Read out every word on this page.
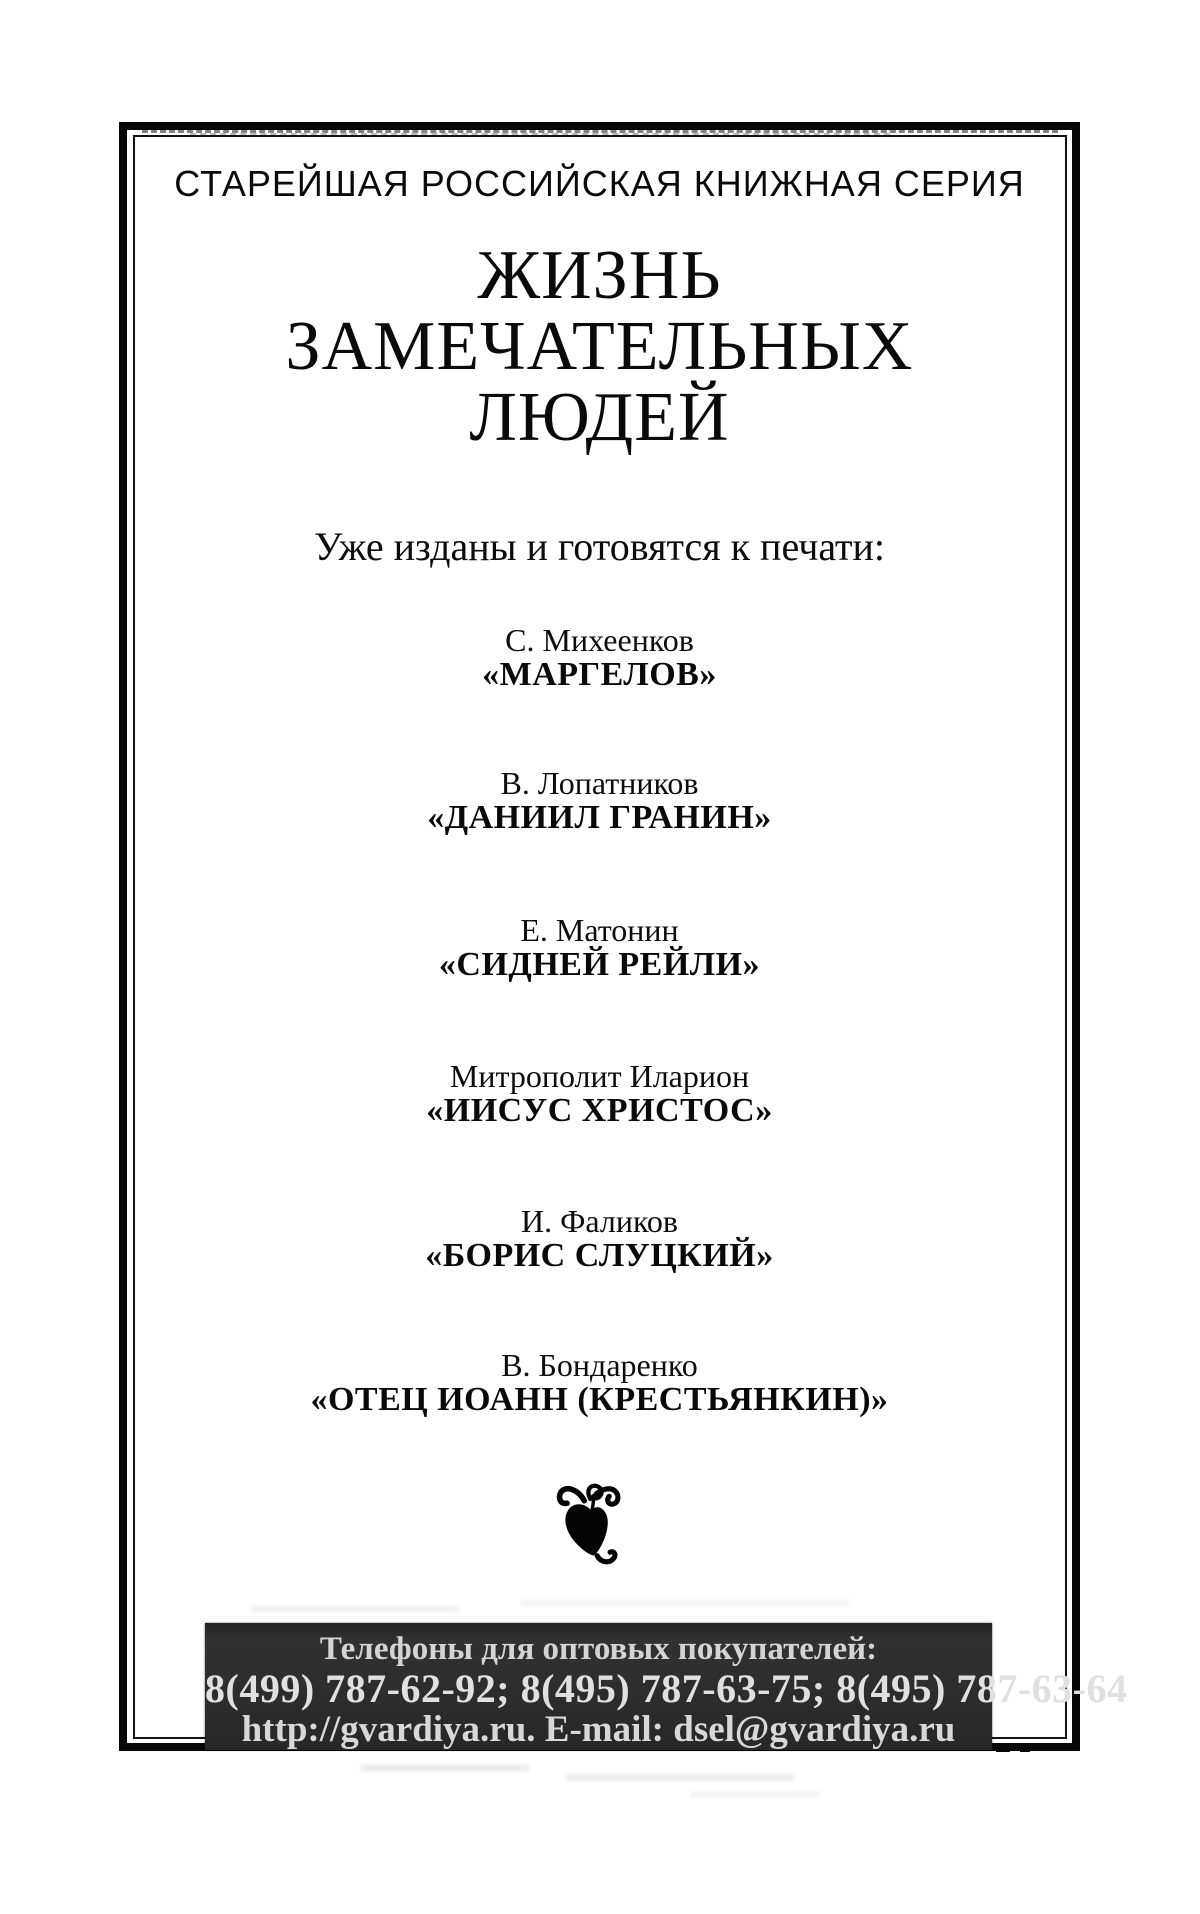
СТАРЕЙШАЯ РОССИЙСКАЯ КНИЖНАЯ СЕРИЯ
ЖИЗНЬ
ЗАМЕЧАТЕЛЬНЫХ
ЛЮДЕЙ
Уже изданы и готовятся к печати:
С. Михеенков
«МАРГЕЛОВ»
В. Лопатников
«ДАНИИЛ ГРАНИН»
Е. Матонин
«СИДНЕЙ РЕЙЛИ»
Митрополит Иларион
«ИИСУС ХРИСТОС»
И. Фаликов
«БОРИС СЛУЦКИЙ»
В. Бондаренко
«ОТЕЦ ИОАНН (КРЕСТЬЯНКИН)»
Телефоны для оптовых покупателей:
8(499) 787-62-92; 8(495) 787-63-75; 8(495) 787-63-64
http://gvardiya.ru. E-mail: dsel@gvardiya.ru
